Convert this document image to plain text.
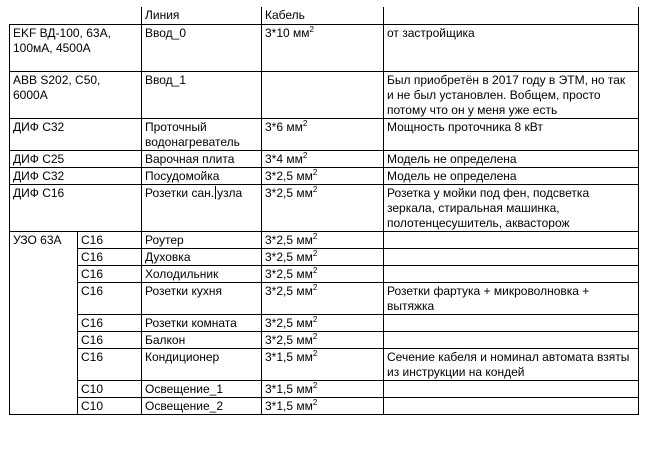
		Линия	Кабель	
EKF ВД-100, 63А, 100мА, 4500А		Ввод_0	3*10 $мм^2$	от застройщика
ABB S202, C50, 6000A		Ввод_1		Был приобретён в 2017 году в ЭТМ, но так и не был установлен. Вобщем, просто потому что он у меня уже есть
ДИФ С32		Проточный водонагреватель	3*6 $мм^2$	Мощность проточника 8 кВт
ДИФ С25		Варочная плита	3*4 $мм^2$	Модель не определена
ДИФ С32		Посудомойка	3*2,5 $мм^2$	Модель не определена
ДИФ С16		Розетки сан. узла	3*2,5 $мм^2$	Розетка у мойки под фен, подсветка зеркала, стиральная машинка, полотенцесушитель, аквасторож
УЗО 63А	С16	Роутер	3*2,5 $мм^2$	
	С16	Духовка	3*2,5 $мм^2$	
	С16	Холодильник	3*2,5 $мм^2$	
	С16	Розетки кухня	3*2,5 $мм^2$	Розетки фартука + микроволновка + вытяжка
	С16	Розетки комната	3*2,5 $мм^2$	
	С16	Балкон	3*2,5 $мм^2$	
	С16	Кондиционер	3*1,5 $мм^2$	Сечение кабеля и номинал автомата взяты из инструкции на кондей
	С10	Освещение_1	3*1,5 $мм^2$	
	С10	Освещение_2	3*1,5 $мм^2$	
